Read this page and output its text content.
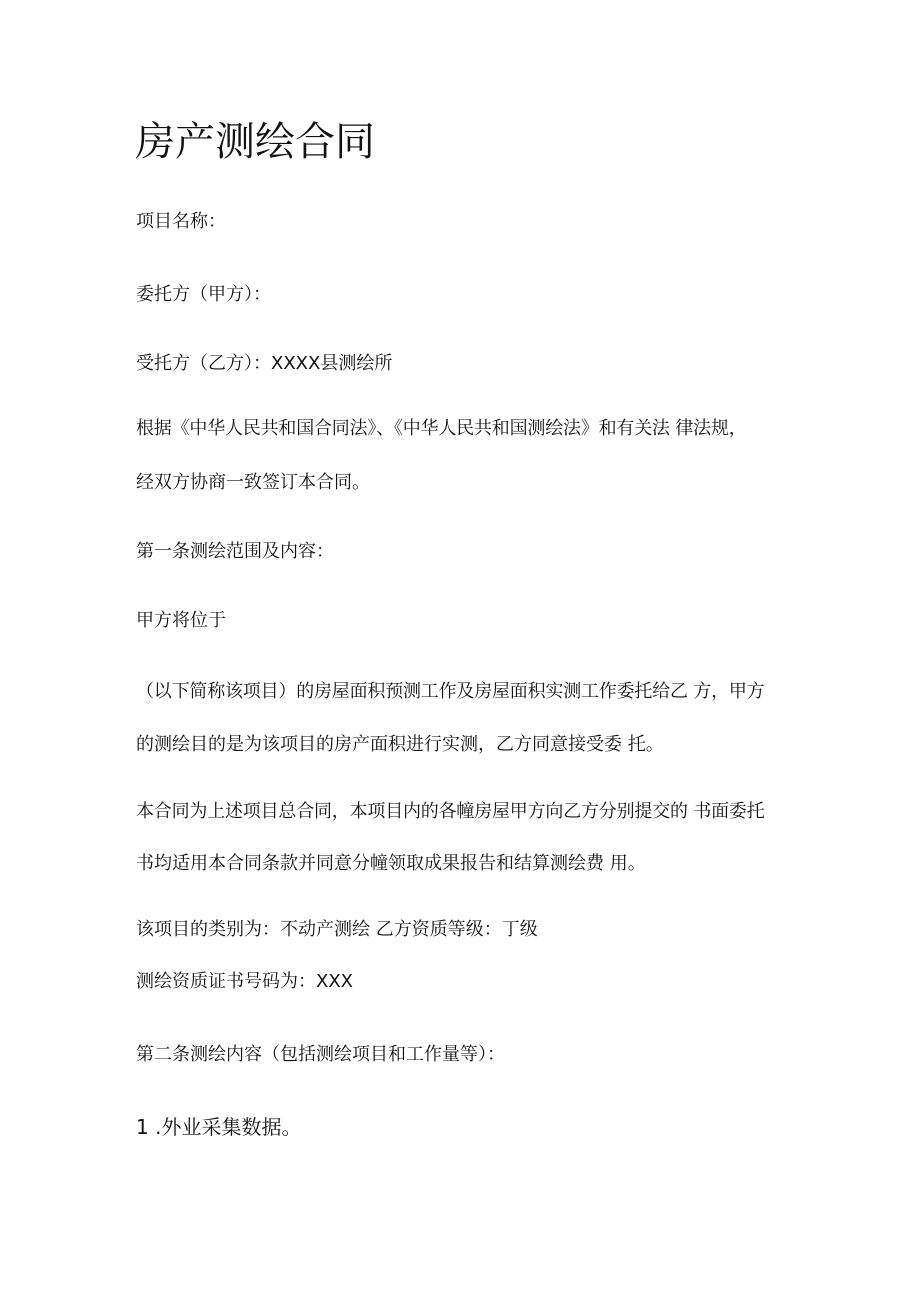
房产测绘合同

项目名称：

委托方（甲方）：

受托方（乙方）：XXXX县测绘所

根据《中华人民共和国合同法》、《中华人民共和国测绘法》和有关法 律法规，

经双方协商一致签订本合同。

第一条测绘范围及内容：

甲方将位于

（以下简称该项目）的房屋面积预测工作及房屋面积实测工作委托给乙 方，甲方

的测绘目的是为该项目的房产面积进行实测，乙方同意接受委 托。

本合同为上述项目总合同，本项目内的各幢房屋甲方向乙方分别提交的 书面委托

书均适用本合同条款并同意分幢领取成果报告和结算测绘费 用。

该项目的类别为：不动产测绘 乙方资质等级：丁级

测绘资质证书号码为：XXX

第二条测绘内容（包括测绘项目和工作量等）：

1 .外业采集数据。
